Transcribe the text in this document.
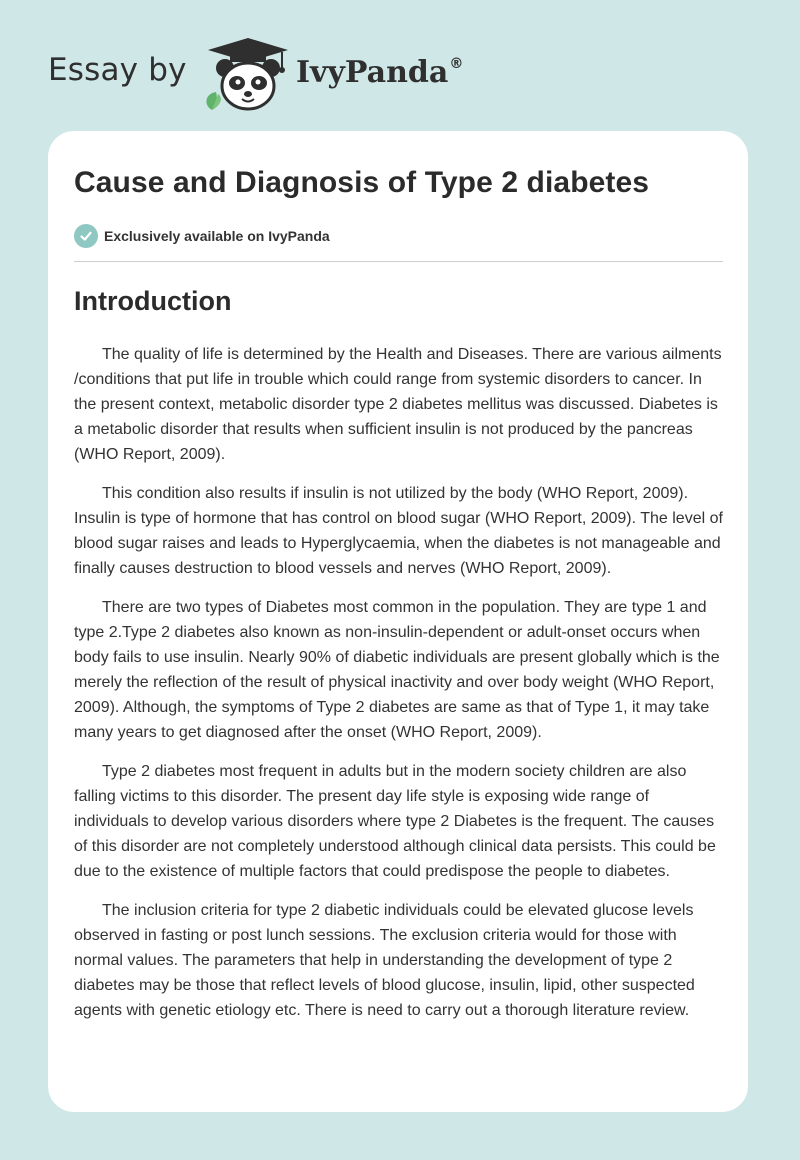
Essay by	IvyPanda®
Cause and Diagnosis of Type 2 diabetes
Exclusively available on IvyPanda
Introduction

The quality of life is determined by the Health and Diseases. There are various ailments /conditions that put life in trouble which could range from systemic disorders to cancer. In the present context, metabolic disorder type 2 diabetes mellitus was discussed. Diabetes is a metabolic disorder that results when sufficient insulin is not produced by the pancreas (WHO Report, 2009).

This condition also results if insulin is not utilized by the body (WHO Report, 2009). Insulin is type of hormone that has control on blood sugar (WHO Report, 2009). The level of blood sugar raises and leads to Hyperglycaemia, when the diabetes is not manageable and finally causes destruction to blood vessels and nerves (WHO Report, 2009).

There are two types of Diabetes most common in the population. They are type 1 and type 2.Type 2 diabetes also known as non-insulin-dependent or adult-onset occurs when body fails to use insulin. Nearly 90% of diabetic individuals are present globally which is the merely the reflection of the result of physical inactivity and over body weight (WHO Report, 2009). Although, the symptoms of Type 2 diabetes are same as that of Type 1, it may take many years to get diagnosed after the onset (WHO Report, 2009).

Type 2 diabetes most frequent in adults but in the modern society children are also falling victims to this disorder. The present day life style is exposing wide range of individuals to develop various disorders where type 2 Diabetes is the frequent. The causes of this disorder are not completely understood although clinical data persists. This could be due to the existence of multiple factors that could predispose the people to diabetes.

The inclusion criteria for type 2 diabetic individuals could be elevated glucose levels observed in fasting or post lunch sessions. The exclusion criteria would for those with normal values. The parameters that help in understanding the development of type 2 diabetes may be those that reflect levels of blood glucose, insulin, lipid, other suspected agents with genetic etiology etc. There is need to carry out a thorough literature review.
